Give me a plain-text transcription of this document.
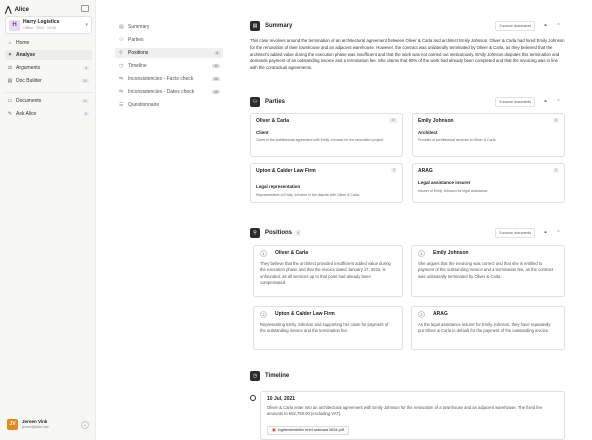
⋀ Alice
H	Harry Logistics
Offline · 2024 · 10:06	▾
⌂ Home
✦ Analyse
⚖ Arguments	4
▤ Doc Builder	10
▭ Documents	11
✎ Ask Alice	0
JV	Jeroen Vink
jeroen@alice.law	⌄
▤ Summary
⚇ Parties
⚲	Positions	4
◷ Timeline	11
⇋ Inconsistencies - Facts check	13
⇋ Inconsistencies - Dates check	10
☰ Questionnaire
▤	Summary	2 source documents	⚭	⌃
This case revolves around the termination of an architectural agreement between Oliver & Carla and architect Emily Johnson. Oliver & Carla had hired Emily Johnson for the renovation of their townhouse and an adjacent warehouse. However, the contract was unilaterally terminated by Oliver & Carla, as they believed that the architect's added value during the execution phase was insufficient and that the work was not carried out meticulously. Emily Johnson disputes this termination and demands payment of an outstanding invoice and a termination fee. She claims that 90% of the work had already been completed and that the invoicing was in line with the contractual agreements.
⚇	Parties	5 source documents	⚭	⌃
Oliver & Carla	10
Client
Client of the architectural agreement with Emily Johnson for the renovation project.
Emily Johnson	6
Architect
Provider of architectural services to Oliver & Carla.
Upton & Calder Law Firm	2
Legal representation
Representative of Emily Johnson in the dispute with Oliver & Carla.
ARAG	3
Legal assistance insurer
Insurer of Emily Johnson for legal assistance.
⚲	Positions	4	5 source documents	⚭	⌃
1	Oliver & Carla
They believe that the architect provided insufficient added value during the execution phase and that the invoice dated January 17, 2024, is unfounded, as all services up to that point had already been compensated.
1	Emily Johnson
She argues that the invoicing was correct and that she is entitled to payment of the outstanding invoice and a termination fee, as the contract was unilaterally terminated by Oliver & Carla.
2	Upton & Calder Law Firm
Representing Emily Johnson and supporting her claim for payment of the outstanding invoice and the termination fee.
2	ARAG
As the legal assistance insurer for Emily Johnson, they have repeatedly put Oliver & Carla in default for the payment of the outstanding invoice.
◷	Timeline
10 Jul, 2021
Oliver & Carla enter into an architectural agreement with Emily Johnson for the renovation of a townhouse and an adjacent warehouse. The fixed fee amounts to €52,750.00 (excluding VAT).
▣ Ingebrekestellin brief antecast 0634.pdf
